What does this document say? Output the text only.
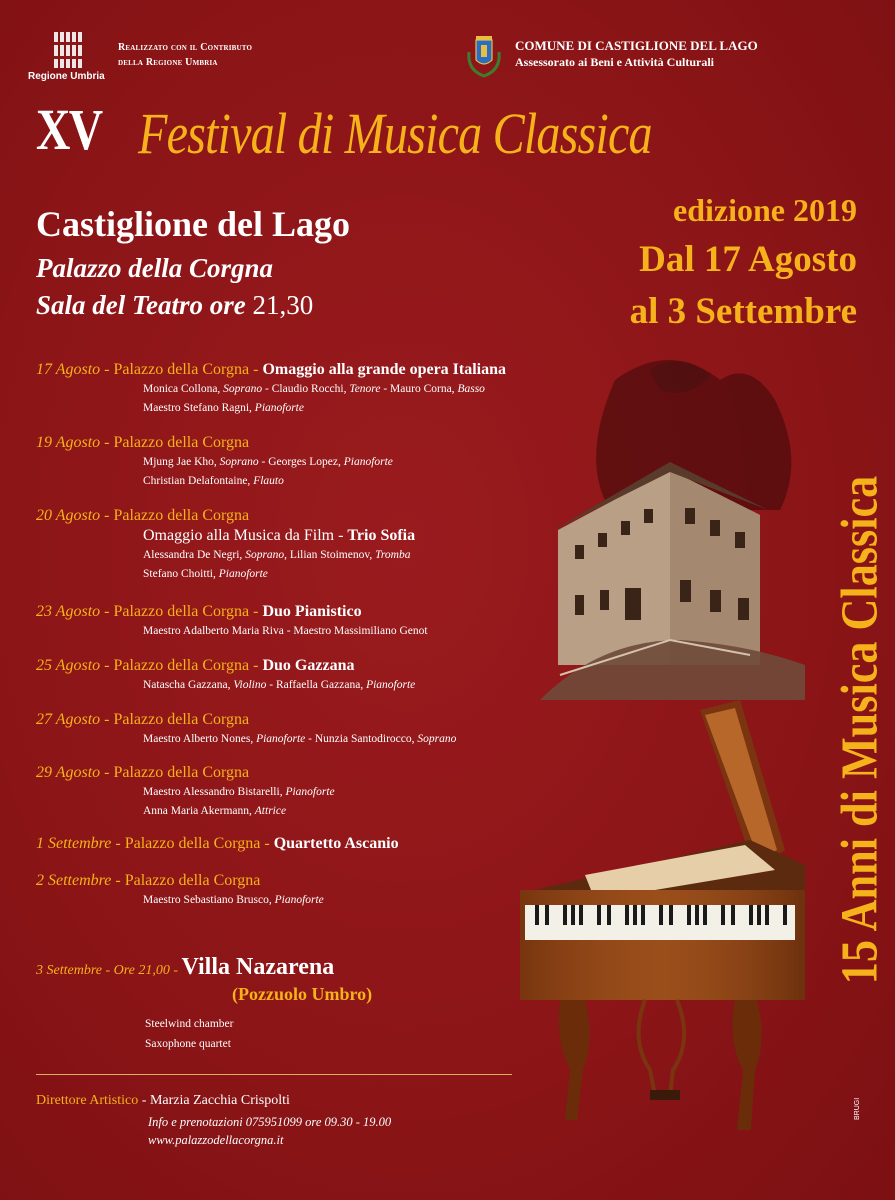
Regione Umbria
Realizzato con il Contributo
della Regione Umbria
COMUNE DI CASTIGLIONE DEL LAGO
Assessorato ai Beni e Attività Culturali
XV Festival di Musica Classica
Castiglione del Lago
Palazzo della Corgna
Sala del Teatro ore 21,30
edizione 2019
Dal 17 Agosto
al 3 Settembre
17 Agosto - Palazzo della Corgna - Omaggio alla grande opera Italiana
Monica Collona, Soprano - Claudio Rocchi, Tenore - Mauro Corna, Basso
Maestro Stefano Ragni, Pianoforte
19 Agosto - Palazzo della Corgna
Mjung Jae Kho, Soprano - Georges Lopez, Pianoforte
Christian Delafontaine, Flauto
20 Agosto - Palazzo della Corgna
Omaggio alla Musica da Film - Trio Sofia
Alessandra De Negri, Soprano, Lilian Stoimenov, Tromba
Stefano Choitti, Pianoforte
23 Agosto - Palazzo della Corgna - Duo Pianistico
Maestro Adalberto Maria Riva - Maestro Massimiliano Genot
25 Agosto - Palazzo della Corgna - Duo Gazzana
Natascha Gazzana, Violino - Raffaella Gazzana, Pianoforte
27 Agosto - Palazzo della Corgna
Maestro Alberto Nones, Pianoforte - Nunzia Santodirocco, Soprano
29 Agosto - Palazzo della Corgna
Maestro Alessandro Bistarelli, Pianoforte
Anna Maria Akermann, Attrice
1 Settembre - Palazzo della Corgna - Quartetto Ascanio
2 Settembre - Palazzo della Corgna
Maestro Sebastiano Brusco, Pianoforte
3 Settembre - Ore 21,00 - Villa Nazarena
(Pozzuolo Umbro)
Steelwind chamber
Saxophone quartet
Direttore Artistico - Marzia Zacchia Crispolti
Info e prenotazioni 075951099 ore 09.30 - 19.00
www.palazzodellacorgna.it
15 Anni di Musica Classica
BRUGI
